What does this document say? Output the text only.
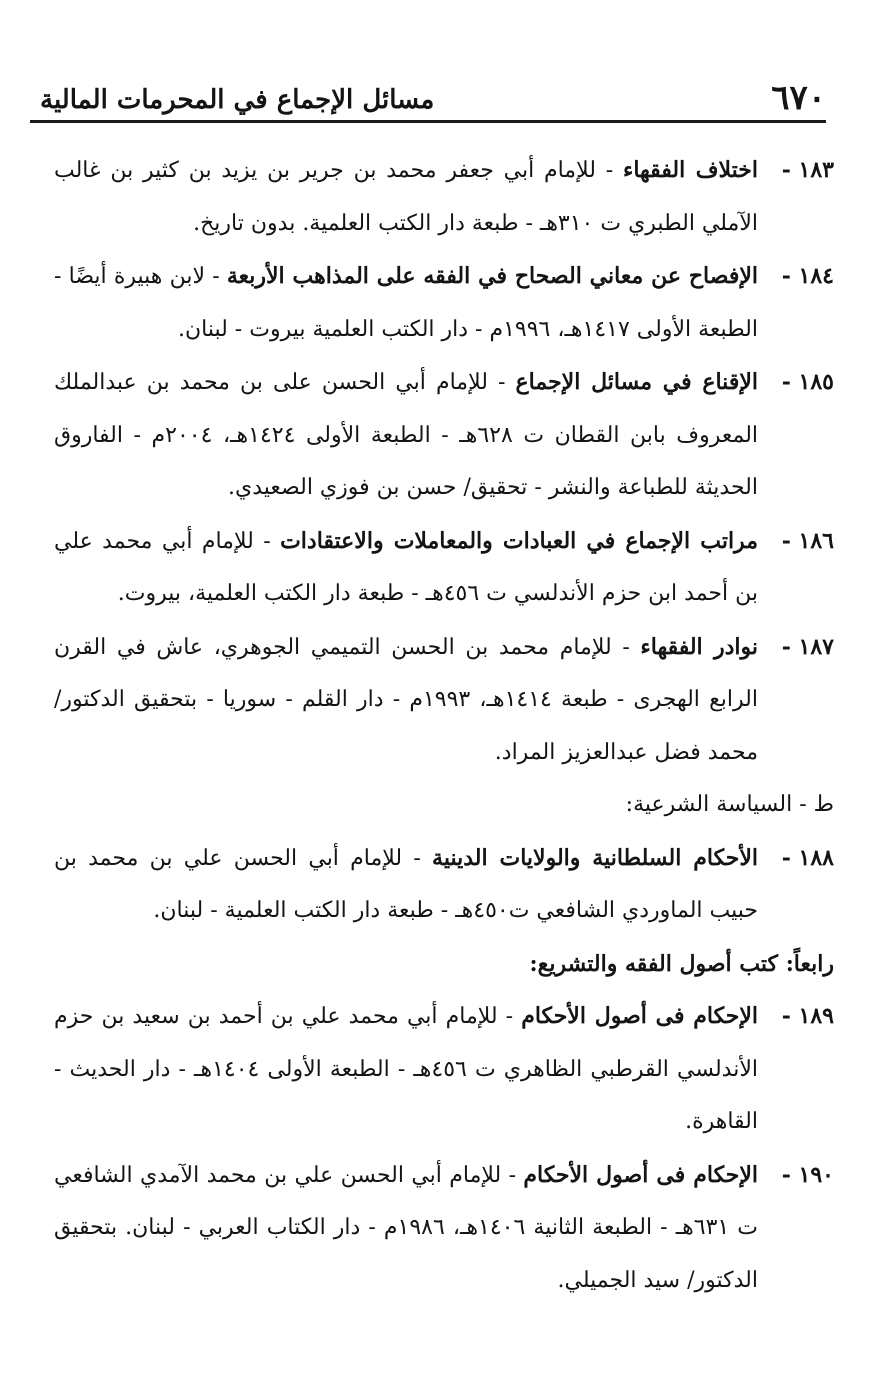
٦٧٠
مسائل الإجماع في المحرمات المالية
١٨٣ -
اختلاف الفقهاء - للإمام أبي جعفر محمد بن جرير بن يزيد بن كثير بن غالب الآملي الطبري ت ٣١٠هـ - طبعة دار الكتب العلمية. بدون تاريخ.
١٨٤ -
الإفصاح عن معاني الصحاح في الفقه على المذاهب الأربعة - لابن هبيرة أيضًا - الطبعة الأولى ١٤١٧هـ، ١٩٩٦م - دار الكتب العلمية بيروت - لبنان.
١٨٥ -
الإقناع في مسائل الإجماع - للإمام أبي الحسن على بن محمد بن عبدالملك المعروف بابن القطان ت ٦٢٨هـ - الطبعة الأولى ١٤٢٤هـ، ٢٠٠٤م - الفاروق الحديثة للطباعة والنشر - تحقيق/ حسن بن فوزي الصعيدي.
١٨٦ -
مراتب الإجماع في العبادات والمعاملات والاعتقادات - للإمام أبي محمد علي بن أحمد ابن حزم الأندلسي ت ٤٥٦هـ - طبعة دار الكتب العلمية، بيروت.
١٨٧ -
نوادر الفقهاء - للإمام محمد بن الحسن التميمي الجوهري، عاش في القرن الرابع الهجرى - طبعة ١٤١٤هـ، ١٩٩٣م - دار القلم - سوريا - بتحقيق الدكتور/ محمد فضل عبدالعزيز المراد.
ط - السياسة الشرعية:
١٨٨ -
الأحكام السلطانية والولايات الدينية - للإمام أبي الحسن علي بن محمد بن حبيب الماوردي الشافعي ت٤٥٠هـ - طبعة دار الكتب العلمية - لبنان.
رابعاً: كتب أصول الفقه والتشريع:
١٨٩ -
الإحكام فى أصول الأحكام - للإمام أبي محمد علي بن أحمد بن سعيد بن حزم الأندلسي القرطبي الظاهري ت ٤٥٦هـ - الطبعة الأولى ١٤٠٤هـ - دار الحديث - القاهرة.
١٩٠ -
الإحكام فى أصول الأحكام - للإمام أبي الحسن علي بن محمد الآمدي الشافعي ت ٦٣١هـ - الطبعة الثانية ١٤٠٦هـ، ١٩٨٦م - دار الكتاب العربي - لبنان. بتحقيق الدكتور/ سيد الجميلي.
